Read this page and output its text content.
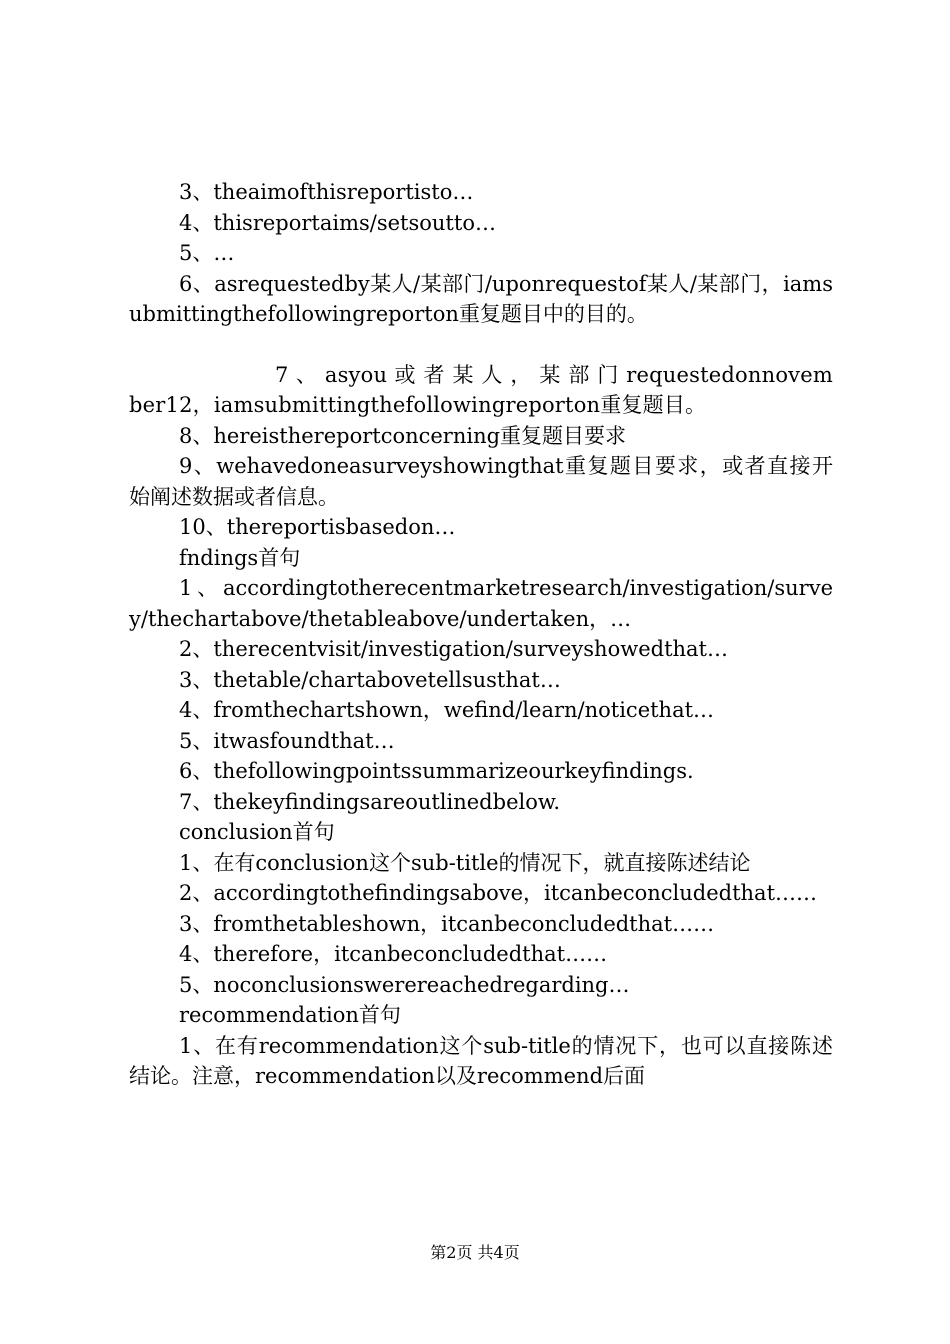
3、theaimofthisreportisto…

4、thisreportaims/setsoutto…

5、…

6、asrequestedby某人/某部门/uponrequestof某人/某部门，iamsubmittingthefollowingreporton重复题目中的目的。

7 、 asyou 或 者 某 人 ， 某 部 门 requestedonnovember12，iamsubmittingthefollowingreporton重复题目。

8、hereisthereportconcerning重复题目要求

9、wehavedoneasurveyshowingthat重复题目要求，或者直接开始阐述数据或者信息。

10、thereportisbasedon…

fndings首句

1、accordingtotherecentmarketresearch/investigation/survey/thechartabove/thetableabove/undertaken，…

2、therecentvisit/investigation/surveyshowedthat…

3、thetable/chartabovetellsusthat…

4、fromthechartshown，wefind/learn/noticethat…

5、itwasfoundthat…

6、thefollowingpointssummarizeourkeyfindings.

7、thekeyfindingsareoutlinedbelow.

conclusion首句

1、在有conclusion这个sub-title的情况下，就直接陈述结论

2、accordingtothefindingsabove，itcanbeconcludedthat……

3、fromthetableshown，itcanbeconcludedthat……

4、therefore，itcanbeconcludedthat……

5、noconclusionswerereachedregarding…

recommendation首句

1、在有recommendation这个sub-title的情况下，也可以直接陈述结论。注意，recommendation以及recommend后面

第2页 共4页
